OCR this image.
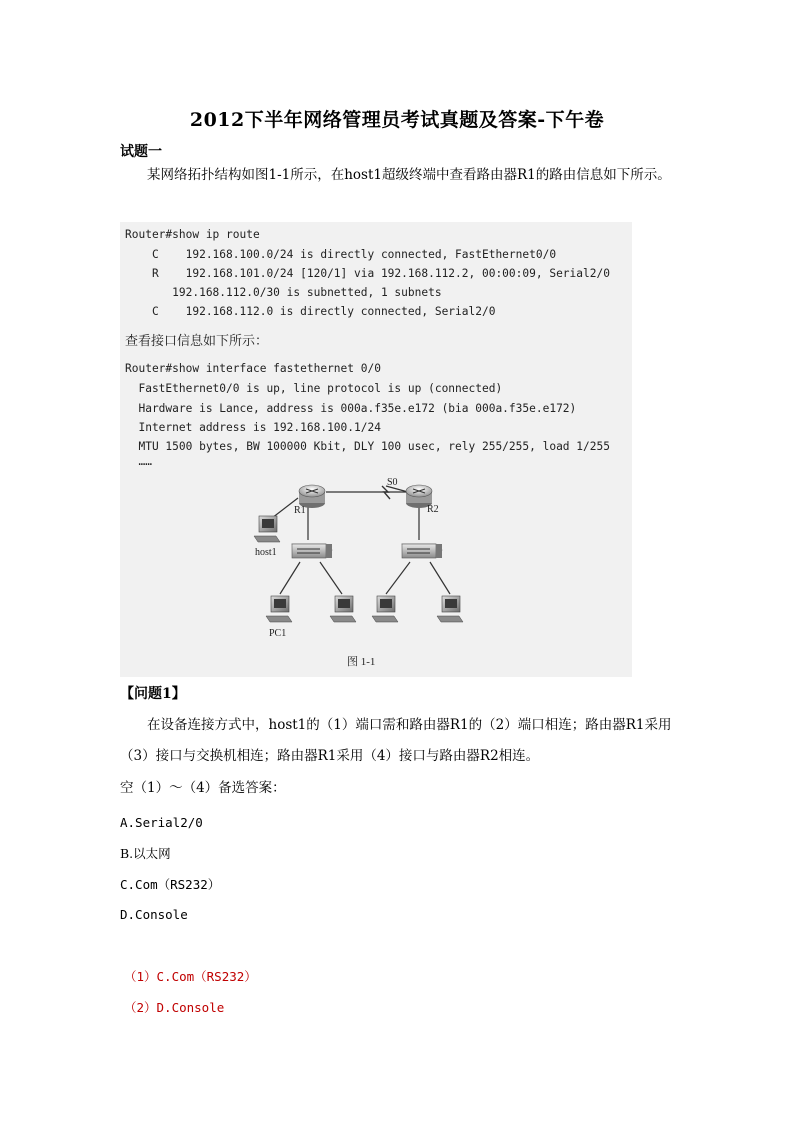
2012下半年网络管理员考试真题及答案-下午卷
试题一
某网络拓扑结构如图1-1所示，在host1超级终端中查看路由器R1的路由信息如下所示。
Router#show ip route
C    192.168.100.0/24 is directly connected, FastEthernet0/0
R    192.168.101.0/24 [120/1] via 192.168.112.2, 00:00:09, Serial2/0
192.168.112.0/30 is subnetted, 1 subnets
C    192.168.112.0 is directly connected, Serial2/0
查看接口信息如下所示：
Router#show interface fastethernet 0/0
FastEthernet0/0 is up, line protocol is up (connected)
Hardware is Lance, address is 000a.f35e.e172 (bia 000a.f35e.e172)
Internet address is 192.168.100.1/24
MTU 1500 bytes, BW 100000 Kbit, DLY 100 usec, rely 255/255, load 1/255
……
R1	R2
S0
host1
PC1
图 1-1
【问题1】
在设备连接方式中，host1的（1）端口需和路由器R1的（2）端口相连；路由器R1采用（3）接口与交换机相连；路由器R1采用（4）接口与路由器R2相连。
空（1）～（4）备选答案：
A.Serial2/0
B.以太网
C.Com（RS232）
D.Console
（1）C.Com（RS232）
（2）D.Console
